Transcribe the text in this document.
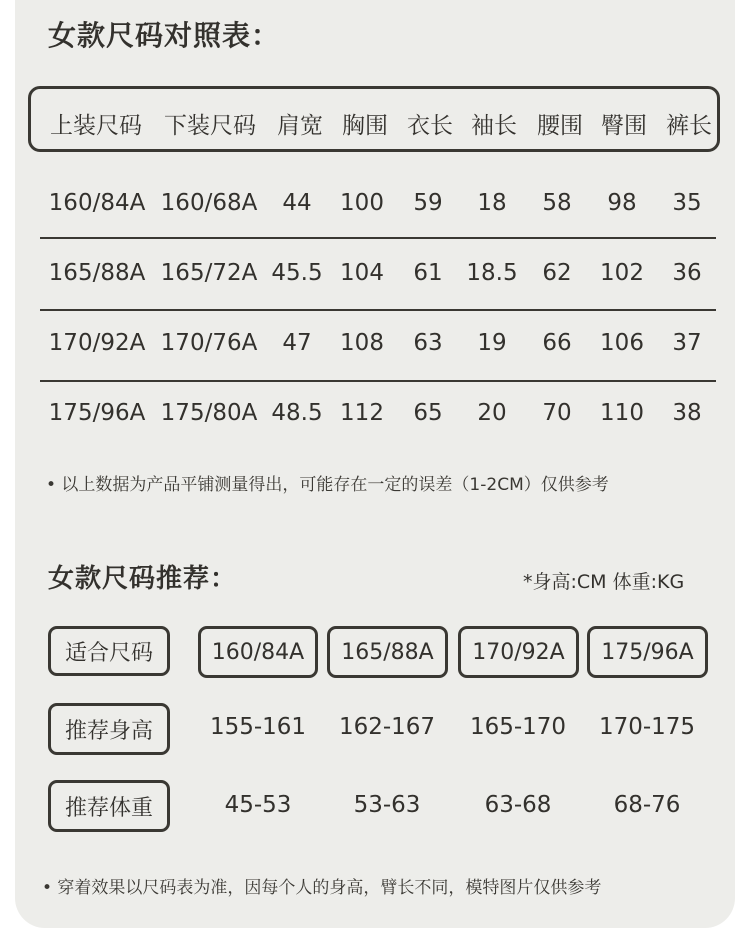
女款尺码对照表：
上装尺码 下装尺码 肩宽 胸围 衣长 袖长 腰围 臀围 裤长
160/84A 160/68A 44 100 59 18 58 98 35
165/88A 165/72A 45.5 104 61 18.5 62 102 36
170/92A 170/76A 47 108 63 19 66 106 37
175/96A 175/80A 48.5 112 65 20 70 110 38
• 以上数据为产品平铺测量得出，可能存在一定的误差（1-2CM）仅供参考
女款尺码推荐：	*身高:CM 体重:KG
适合尺码	160/84A	165/88A	170/92A	175/96A
推荐身高	155-161 162-167 165-170 170-175
推荐体重	45-53	53-63	63-68	68-76
• 穿着效果以尺码表为准，因每个人的身高，臂长不同，模特图片仅供参考
